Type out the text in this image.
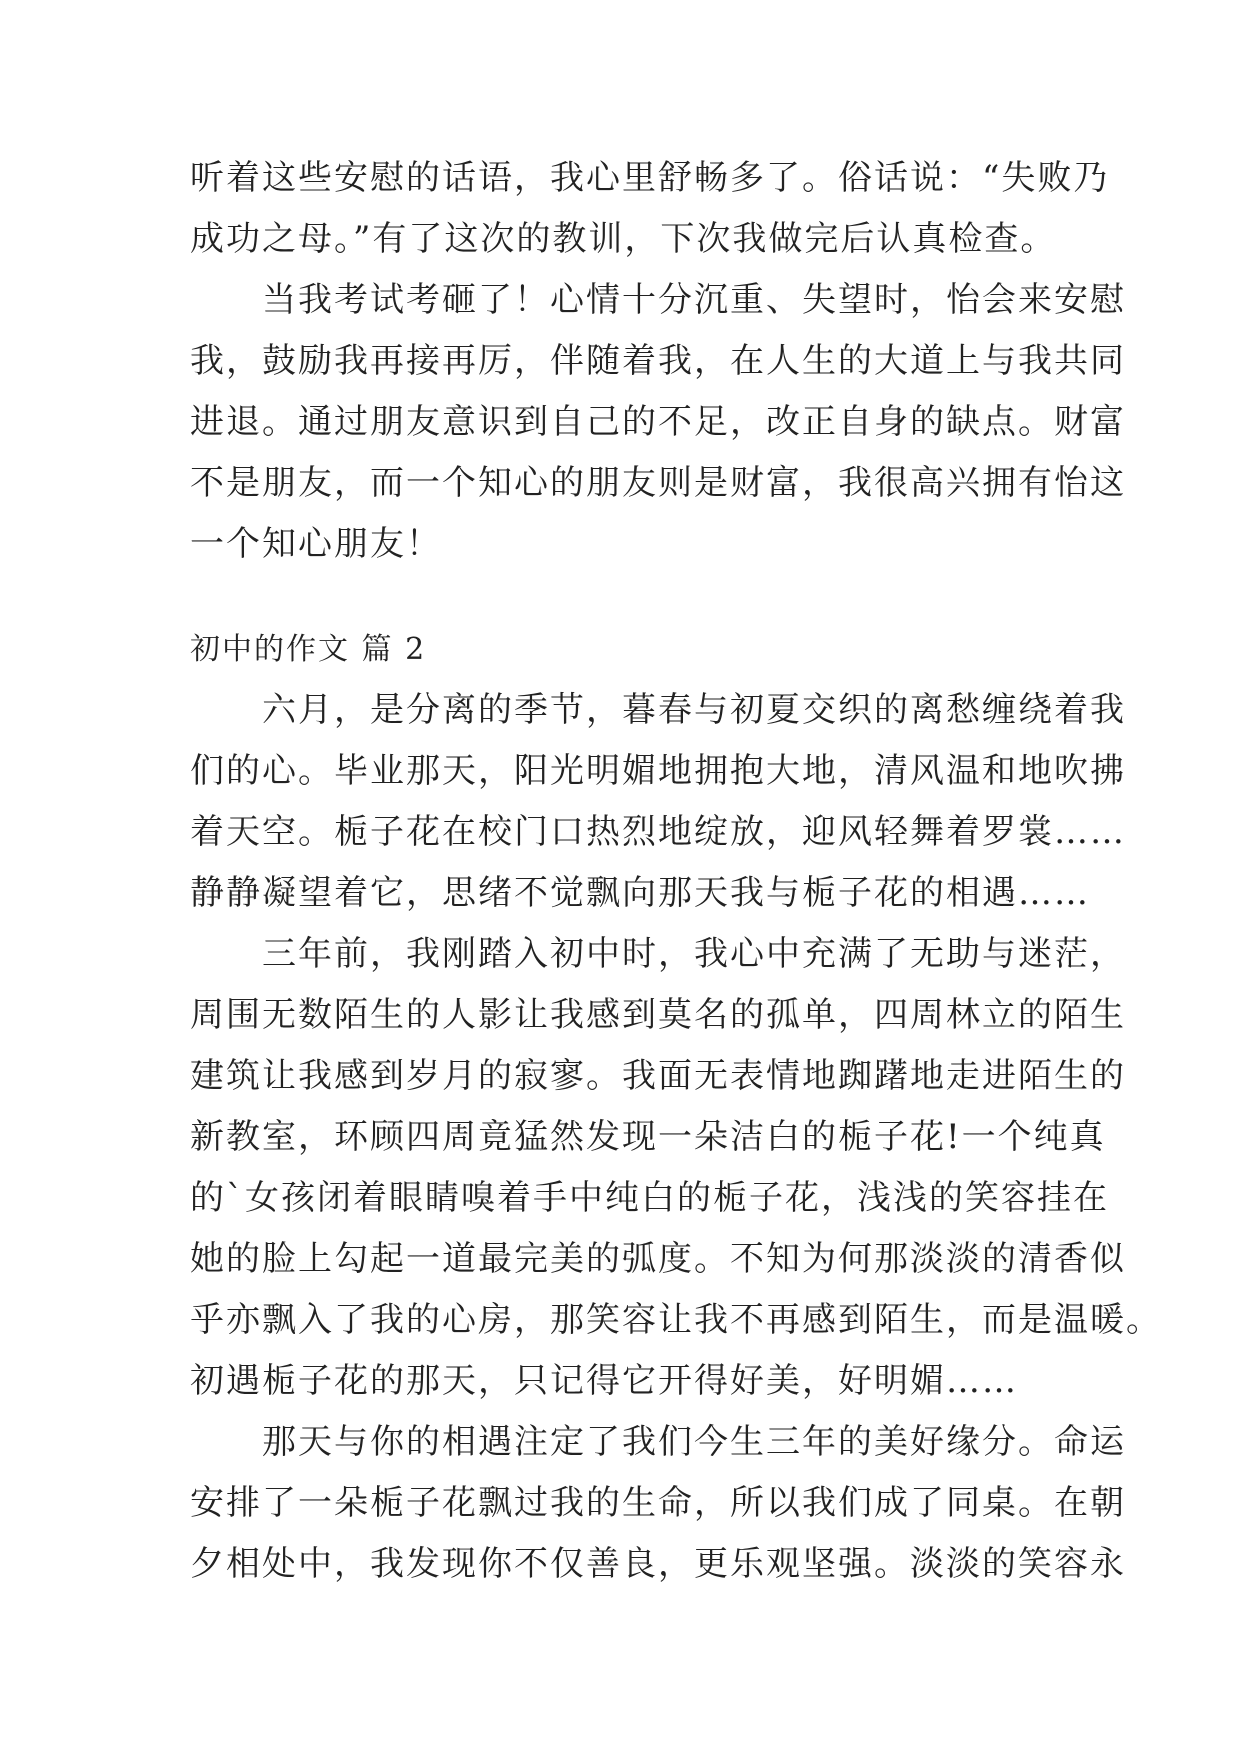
听着这些安慰的话语，我心里舒畅多了。俗话说：“失败乃
成功之母。”有了这次的教训，下次我做完后认真检查。
　　当我考试考砸了！心情十分沉重、失望时，怡会来安慰
我，鼓励我再接再厉，伴随着我，在人生的大道上与我共同
进退。通过朋友意识到自己的不足，改正自身的缺点。财富
不是朋友，而一个知心的朋友则是财富，我很高兴拥有怡这
一个知心朋友！
初中的作文 篇 2
　　六月，是分离的季节，暮春与初夏交织的离愁缠绕着我
们的心。毕业那天，阳光明媚地拥抱大地，清风温和地吹拂
着天空。栀子花在校门口热烈地绽放，迎风轻舞着罗裳……
静静凝望着它，思绪不觉飘向那天我与栀子花的相遇……
　　三年前，我刚踏入初中时，我心中充满了无助与迷茫，
周围无数陌生的人影让我感到莫名的孤单，四周林立的陌生
建筑让我感到岁月的寂寥。我面无表情地踟躇地走进陌生的
新教室，环顾四周竟猛然发现一朵洁白的栀子花!一个纯真
的`女孩闭着眼睛嗅着手中纯白的栀子花，浅浅的笑容挂在
她的脸上勾起一道最完美的弧度。不知为何那淡淡的清香似
乎亦飘入了我的心房，那笑容让我不再感到陌生，而是温暖。
初遇栀子花的那天，只记得它开得好美，好明媚……
　　那天与你的相遇注定了我们今生三年的美好缘分。命运
安排了一朵栀子花飘过我的生命，所以我们成了同桌。在朝
夕相处中，我发现你不仅善良，更乐观坚强。淡淡的笑容永
